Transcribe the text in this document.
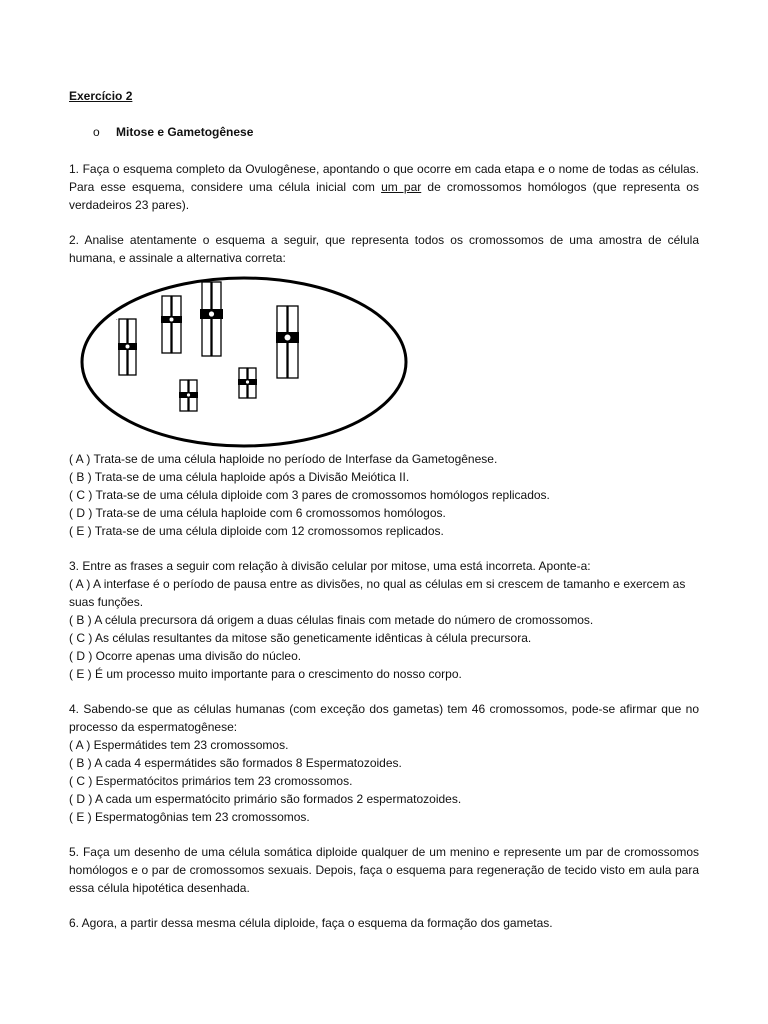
Exercício 2
o Mitose e Gametogênese

1. Faça o esquema completo da Ovulogênese, apontando o que ocorre em cada etapa e o nome de todas as células. Para esse esquema, considere uma célula inicial com um par de cromossomos homólogos (que representa os verdadeiros 23 pares).

2. Analise atentamente o esquema a seguir, que representa todos os cromossomos de uma amostra de célula humana, e assinale a alternativa correta:

.
( A ) Trata-se de uma célula haploide no período de Interfase da Gametogênese.
( B ) Trata-se de uma célula haploide após a Divisão Meiótica II.
( C ) Trata-se de uma célula diploide com 3 pares de cromossomos homólogos replicados.
( D ) Trata-se de uma célula haploide com 6 cromossomos homólogos.
( E ) Trata-se de uma célula diploide com 12 cromossomos replicados.

3. Entre as frases a seguir com relação à divisão celular por mitose, uma está incorreta. Aponte-a:

( A ) A interfase é o período de pausa entre as divisões, no qual as células em si crescem de tamanho e exercem as suas funções.
( B ) A célula precursora dá origem a duas células finais com metade do número de cromossomos.
( C ) As células resultantes da mitose são geneticamente idênticas à célula precursora.
( D ) Ocorre apenas uma divisão do núcleo.
( E ) É um processo muito importante para o crescimento do nosso corpo.

4. Sabendo-se que as células humanas (com exceção dos gametas) tem 46 cromossomos, pode-se afirmar que no processo da espermatogênese:

( A ) Espermátides tem 23 cromossomos.
( B ) A cada 4 espermátides são formados 8 Espermatozoides.
( C ) Espermatócitos primários tem 23 cromossomos.
( D ) A cada um espermatócito primário são formados 2 espermatozoides.
( E ) Espermatogônias tem 23 cromossomos.

5. Faça um desenho de uma célula somática diploide qualquer de um menino e represente um par de cromossomos homólogos e o par de cromossomos sexuais. Depois, faça o esquema para regeneração de tecido visto em aula para essa célula hipotética desenhada.

6. Agora, a partir dessa mesma célula diploide, faça o esquema da formação dos gametas.
